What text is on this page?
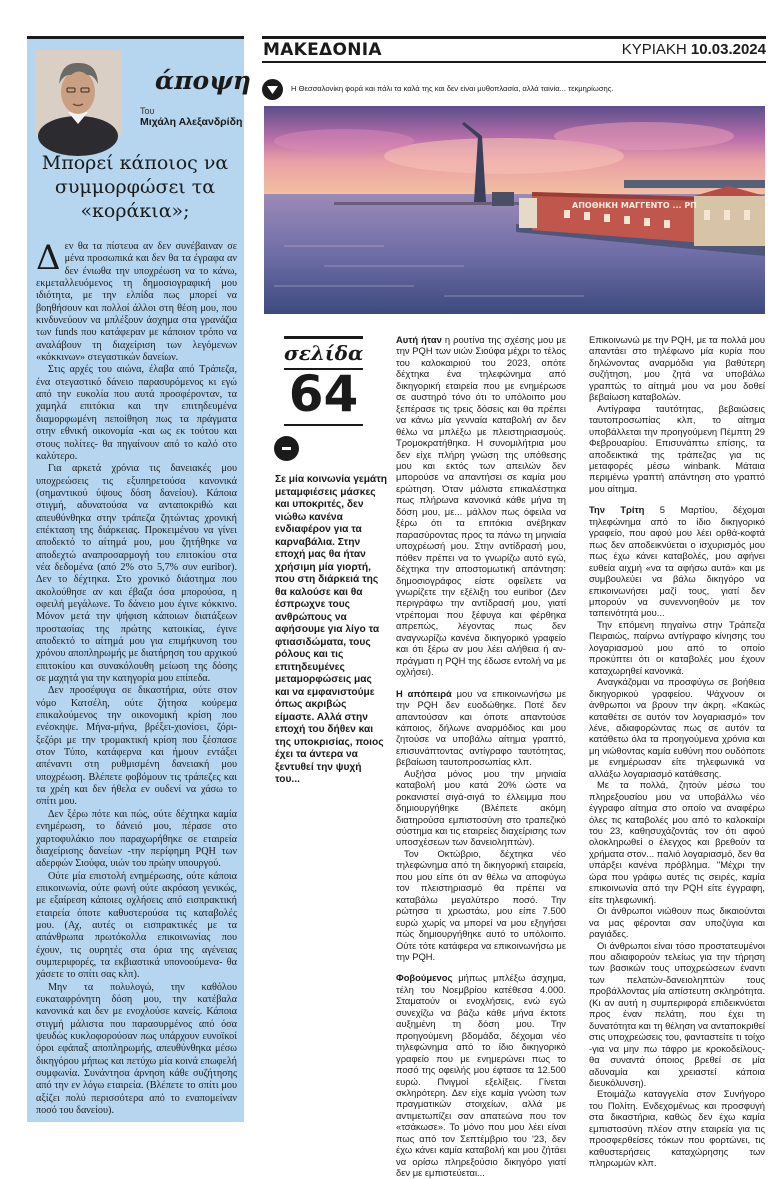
άποψη
Του
Μιχάλη Αλεξανδρίδη
Μπορεί κάποιος να συμμορφώσει τα «κοράκια»;

Δεν θα τα πίστευα αν δεν συνέβαιναν σε μένα προσωπικά και δεν θα τα έγραφα αν δεν ένιωθα την υποχρέωση να το κάνω, εκμεταλλευόμενος τη δημοσιογραφική μου ιδιότητα, με την ελπίδα πως μπορεί να βοηθήσουν και πολλοί άλλοι στη θέση μου, που κινδυνεύουν να μπλέξουν άσχημα στα γρανάζια των funds που κατάφεραν με κάποιον τρόπο να αναλάβουν τη διαχείριση των λεγόμενων «κόκκινων» στεγαστικών δανείων.

Στις αρχές του αιώνα, έλαβα από Τράπεζα, ένα στεγαστικό δάνειο παρασυρόμενος κι εγώ από την ευκολία που αυτά προσφέρονταν, τα χαμηλά επιτόκια και την επιτηδευμένα διαμορφωμένη πεποίθηση πως τα πράγματα στην εθνική οικονομία -και ως εκ τούτου και στους πολίτες- θα πηγαίνουν από το καλό στο καλύτερο.

Για αρκετά χρόνια τις δανειακές μου υποχρεώσεις τις εξυπηρετούσα κανονικά (σημαντικού ύψους δόση δανείου). Κάποια στιγμή, αδυνατούσα να ανταποκριθώ και απευθύνθηκα στην τράπεζα ζητώντας χρονική επέκταση της διάρκειας. Προκειμένου να γίνει αποδεκτό το αίτημά μου, μου ζητήθηκε να αποδεχτώ αναπροσαρμογή του επιτοκίου στα νέα δεδομένα (από 2% στο 5,7% συν euribor). Δεν το δέχτηκα. Στο χρονικό διάστημα που ακολούθησε αν και έβαζα όσα μπορούσα, η οφειλή μεγάλωνε. Το δάνειο μου έγινε κόκκινο. Μόνον μετά την ψήφιση κάποιων διατάξεων προστασίας της πρώτης κατοικίας, έγινε αποδεκτό το αίτημά μου για επιμήκυνση του χρόνου αποπληρωμής με διατήρηση του αρχικού επιτοκίου και συνακόλουθη μείωση της δόσης σε μαχητά για την κατηγορία μου επίπεδα.

Δεν προσέφυγα σε δικαστήρια, ούτε στον νόμο Κατσέλη, ούτε ζήτησα κούρεμα επικαλούμενος την οικονομική κρίση που ενέσκηψε. Μήνα-μήνα, βρέξει-χιονίσει, ζόρι-ξεζόρι με την τρομακτική κρίση που ξέσπασε στον Τύπο, κατάφερνα και ήμουν εντάξει απέναντι στη ρυθμισμένη δανειακή μου υποχρέωση. Βλέπετε φοβόμουν τις τράπεζες και τα χρέη και δεν ήθελα εν ουδενί να χάσω το σπίτι μου.

Δεν ξέρω πότε και πώς, ούτε δέχτηκα καμία ενημέρωση, το δάνειό μου, πέρασε στο χαρτοφυλάκιο που παραχωρήθηκε σε εταιρεία διαχείρισης δανείων -την περίφημη PQH των αδερφών Σιούφα, υιών του πρώην υπουργού.

Ούτε μία επιστολή ενημέρωσης, ούτε κάποια επικοινωνία, ούτε φωνή ούτε ακρόαση γενικώς, με εξαίρεση κάποιες οχλήσεις από εισπρακτική εταιρεία όποτε καθυστερούσα τις καταβολές μου. (Αχ, αυτές οι εισπρακτικές με τα απάνθρωπα πρωτόκολλα επικοινωνίας που έχουν, τις ουρητές στα όρια της αγένειας συμπεριφορές, τα εκβιαστικά υπονοούμενα- θα χάσετε το σπίτι σας κλπ).

Μην τα πολυλογώ, την καθόλου ευκαταφρόνητη δόση μου, την κατέβαλα κανονικά και δεν με ενοχλούσε κανείς. Κάποια στιγμή μάλιστα που παρασυρμένος από όσα ψευδώς κυκλοφορούσαν πως υπάρχουν ευνοϊκοί όροι εφάπαξ αποπληρωμής, απευθύνθηκα μέσω δικηγόρου μήπως και πετύχω μία κοινά επωφελή συμφωνία. Συνάντησα άρνηση κάθε συζήτησης από την εν λόγω εταιρεία. (Βλέπετε το σπίτι μου αξίζει πολύ περισσότερα από το εναπομείναν ποσό του δανείου).

ΜΑΚΕΔΟΝΙΑ	ΚΥΡΙΑΚΗ 10.03.2024
Η Θεσσαλονίκη φορά και πάλι τα καλά της και δεν είναι μυθοπλασία, αλλά ταινία... τεκμηρίωσης.
ΑΠΟΘΗΚΗ ΜΑΓΓΕΝΤΟ ... ΡΠ
σελίδα
64
Σε μία κοινωνία γεμάτη μεταμφιέσεις μάσκες και υποκριτές, δεν νιώθω κανένα ενδιαφέρον για τα καρναβάλια. Στην εποχή μας θα ήταν χρήσιμη μία γιορτή, που στη διάρκειά της θα καλούσε και θα έσπρωχνε τους ανθρώπους να αφήσουμε για λίγο τα φτιασιδώματα, τους ρόλους και τις επιτηδευμένες μεταμορφώσεις μας και να εμφανιστούμε όπως ακριβώς είμαστε. Αλλά στην εποχή του δήθεν και της υποκρισίας, ποιος έχει τα άντερα να ξεντυθεί την ψυχή του...

Αυτή ήταν η ρουτίνα της σχέσης μου με την PQH των υιών Σιούφα μέχρι το τέλος του καλοκαιριού του 2023, οπότε δέχτηκα ένα τηλεφώνημα από δικηγορική εταιρεία που με ενημέρωσε σε αυστηρό τόνο ότι το υπόλοιπο μου ξεπέρασε τις τρεις δόσεις και θα πρέπει να κάνω μία γενναία καταβολή αν δεν θέλω να μπλέξω με πλειστηριασμούς. Τρομοκρατήθηκα. Η συνομιλήτρια μου δεν είχε πλήρη γνώση της υπόθεσης μου και εκτός των απειλών δεν μπορούσε να απαντήσει σε καμία μου ερώτηση. Όταν μάλιστα επικαλέστηκα πως πλήρωνα κανονικά κάθε μήνα τη δόση μου, με... μάλλον πως όφειλα να ξέρω ότι τα επιτόκια ανέβηκαν παρασύροντας προς τα πάνω τη μηνιαία υποχρέωσή μου. Στην αντίδρασή μου, πόθεν πρέπει να το γνωρίζω αυτό εγώ, δέχτηκα την αποστομωτική απάντηση: δημοσιογράφος είστε οφείλετε να γνωρίζετε την εξέλιξη του euribor (Δεν περιγράφω την αντίδρασή μου, γιατί ντρέπομαι που ξέφυγα και φέρθηκα απρεπώς, λέγοντας πως δεν αναγνωρίζω κανένα δικηγορικό γραφείο και ότι ξέρω αν μου λέει αλήθεια ή αν-πράγματι η PQH της έδωσε εντολή να με οχλήσει).

Η απόπειρά μου να επικοινωνήσω με την PQH δεν ευοδώθηκε. Ποτέ δεν απαντούσαν και όποτε απαντούσε κάποιος, δήλωνε αναρμόδιος και μου ζητούσε να υποβάλω αίτημα γραπτό, επισυνάπτοντας αντίγραφο ταυτότητας, βεβαίωση ταυτοπροσωπίας κλπ.

Αυξήσα μόνος μου την μηνιαία καταβολή μου κατά 20% ώστε να ροκανιστεί σιγά-σιγά το έλλειμμα που δημιουργήθηκε (Βλέπετε ακόμη διατηρούσα εμπιστοσύνη στο τραπεζικό σύστημα και τις εταιρείες διαχείρισης των υποσχέσεων των δανειοληπτών).

Τον Οκτώβριο, δέχτηκα νέο τηλεφώνημα από τη δικηγορική εταιρεία, που μου είπε ότι αν θέλω να αποφύγω τον πλειστηριασμό θα πρέπει να καταβάλω μεγαλύτερο ποσό. Την ρώτησα τι χρωστάω, μου είπε 7.500 ευρώ χωρίς να μπορεί να μου εξηγήσει πώς δημιουργήθηκε αυτό το υπόλοιπο. Ούτε τότε κατάφερα να επικοινωνήσω με την PQH.

Φοβούμενος μήπως μπλέξω άσχημα, τέλη του Νοεμβρίου κατέθεσα 4.000. Σταματούν οι ενοχλήσεις, ενώ εγώ συνεχίζω να βάζω κάθε μήνα έκτοτε αυξημένη τη δόση μου. Την προηγούμενη βδομάδα, δέχομαι νέο τηλεφώνημα από το ίδιο δικηγορικό γραφείο που με ενημερώνει πως το ποσό της οφειλής μου έφτασε τα 12.500 ευρώ. Πνιγμοί εξελίξεις. Γίνεται σκληρότερη. Δεν είχε καμία γνώση των πραγματικών στοιχείων, αλλά με αντιμετωπίζει σαν απατεώνα που τον «τσάκωσε». Το μόνο που μου λέει είναι πως από τον Σεπτέμβριο του '23, δεν έχω κάνει καμία καταβολή και μου ζήτάει να ορίσω πληρεξούσιο δικηγόρο γιατί δεν με εμπιστεύεται...

Επικοινωνώ με την PQH, με τα πολλά μου απαντάει στο τηλέφωνο μία κυρία που δηλώνοντας αναρμόδια για βαθύτερη συζήτηση, μου ζητά να υποβάλω γραπτώς το αίτημά μου να μου δοθεί βεβαίωση καταβολών.

Αντίγραφα ταυτότητας, βεβαιώσεις ταυτοπροσωπίας κλπ, το αίτημα υποβάλλεται την προηγούμενη Πέμπτη 29 Φεβρουαρίου. Επισυνάπτω επίσης, τα αποδεικτικά της τράπεζας για τις μεταφορές μέσω winbank. Μάταια περιμένω γραπτή απάντηση στο γραπτό μου αίτημα.

Την Τρίτη 5 Μαρτίου, δέχομαι τηλεφώνημα από το ίδιο δικηγορικό γραφείο, που αφού μου λέει ορθά-κοφτά πως δεν αποδεικνύεται ο ισχυρισμός μου πως έχω κάνει καταβολές, μου αφήνει ευθεία αιχμή «να τα αφήσω αυτά» και με συμβουλεύει να βάλω δικηγόρο να επικοινωνήσει μαζί τους, γιατί δεν μπορούν να συνεννοηθούν με τον ταπεινότητά μου...

Την επόμενη πηγαίνω στην Τράπεζα Πειραιώς, παίρνω αντίγραφο κίνησης του λογαριασμού μου από το οποίο προκύπτει ότι οι καταβολές μου έχουν καταχωρηθεί κανονικά.

Αναγκάζομαι να προσφύγω σε βοήθεια δικηγορικού γραφείου. Ψάχνουν οι άνθρωποι να βρουν την άκρη. «Κακώς καταθέτει σε αυτόν τον λογαριασμό» τον λένε, αδιαφορώντας πως σε αυτόν τα κατάθετω όλα τα προηγούμενα χρόνια και μη νιώθοντας καμία ευθύνη που ουδόποτε με ενημέρωσαν είτε τηλεφωνικά να αλλάξω λογαριασμό κατάθεσης.

Με τα πολλά, ζητούν μέσω του πληρεξουσίου μου να υποβάλλω νέο έγγραφο αίτημα στο οποίο να αναφέρω όλες τις καταβολές μου από το καλοκαίρι του 23, καθησυχάζοντάς τον ότι αφού ολοκληρωθεί ο έλεγχος και βρεθούν τα χρήματα στον... παλιό λογαριασμό, δεν θα υπάρξει κανένα πρόβλημα. "Μέχρι την ώρα που γράφω αυτές τις σειρές, καμία επικοινωνία από την PQH είτε έγγραφη, είτε τηλεφωνική.

Οι άνθρωποι νιώθουν πως δικαιούνται να μας φέρονται σαν υποζύγια και ραγιάδες.

Οι άνθρωποι είναι τόσο προστατευμένοι που αδιαφορούν τελείως για την τήρηση των βασικών τους υποχρεώσεων έναντι των πελατών-δανειοληπτών τους προβάλλοντας μία απίστευτη σκληρότητα. (Κι αν αυτή η συμπεριφορά επιδεικνύεται προς έναν πελάτη, που έχει τη δυνατότητα και τη θέληση να ανταποκριθεί στις υποχρεώσεις του, φανταστείτε τι τοίχο -για να μην πω τάφρο με κροκοδείλους- θα συναντά όποιος βρεθεί σε μία αδυναμία και χρειαστεί κάποια διευκόλυνση).

Ετοιμάζω καταγγελία στον Συνήγορο του Πολίτη. Ενδεχομένως και προσφυγή στα δικαστήρια, καθώς δεν έχω καμία εμπιστοσύνη πλέον στην εταιρεία για τις προσφερθείσες τόκων που φορτώνει, τις καθυστερήσεις καταχώρησης των πληρωμών κλπ.
